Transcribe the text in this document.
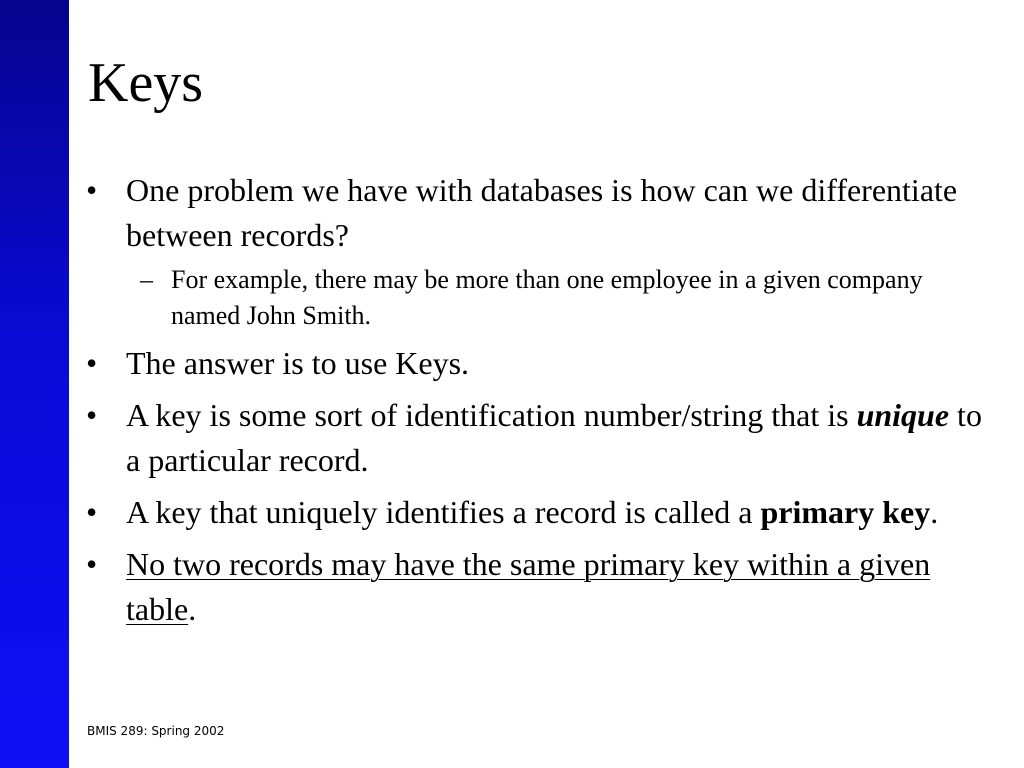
Keys
• One problem we have with databases is how can we differentiate between records?
– For example, there may be more than one employee in a given company named John Smith.
• The answer is to use Keys.
• A key is some sort of identification number/string that is unique to a particular record.
• A key that uniquely identifies a record is called a primary key.
• No two records may have the same primary key within a given table.
BMIS 289: Spring 2002
